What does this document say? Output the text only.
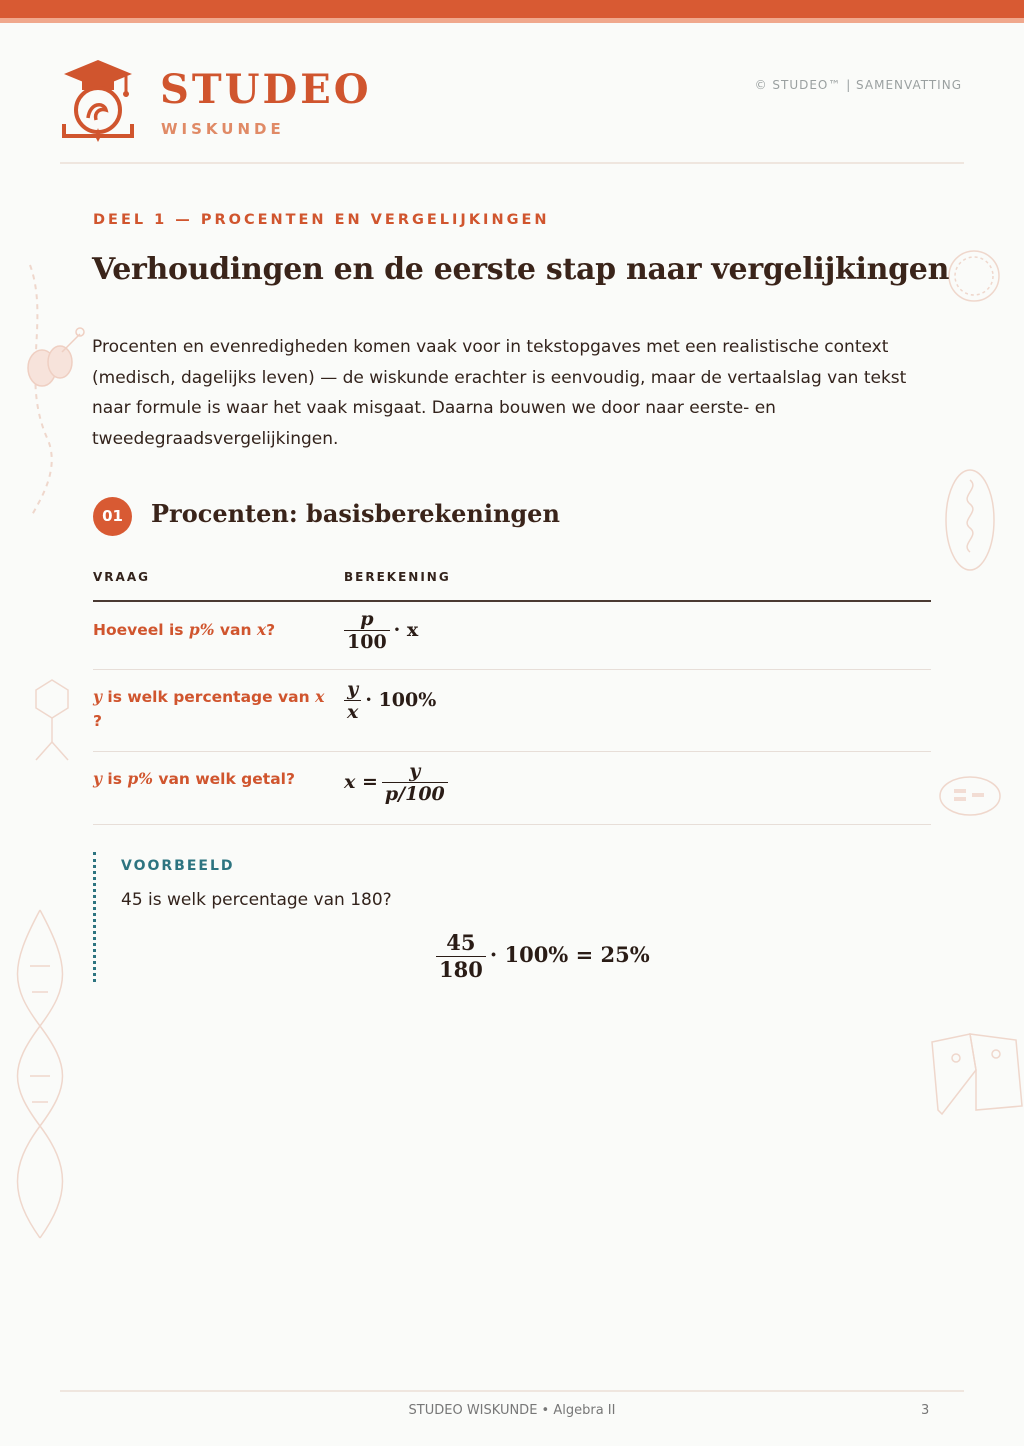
STUDEO
WISKUNDE
© STUDEO™ | SAMENVATTING
DEEL 1 — PROCENTEN EN VERGELIJKINGEN
Verhoudingen en de eerste stap naar vergelijkingen

Procenten en evenredigheden komen vaak voor in tekstopgaves met een realistische context (medisch, dagelijks leven) — de wiskunde erachter is eenvoudig, maar de vertaalslag van tekst naar formule is waar het vaak misgaat. Daarna bouwen we door naar eerste- en tweedegraadsvergelijkingen.

01	Procenten: basisberekeningen
VRAAG	BEREKENING
Hoeveel is p% van x?	$\frac{p}{100} \cdot x$
y is welk percentage van x
?	$\frac{y}{x} \cdot 100\%$
y is p% van welk getal?	$x = \frac{y}{p/100}$
VOORBEELD
45 is welk percentage van 180?
$\frac{45}{180} \cdot 100\% = 25\%$
STUDEO WISKUNDE • Algebra II	3
